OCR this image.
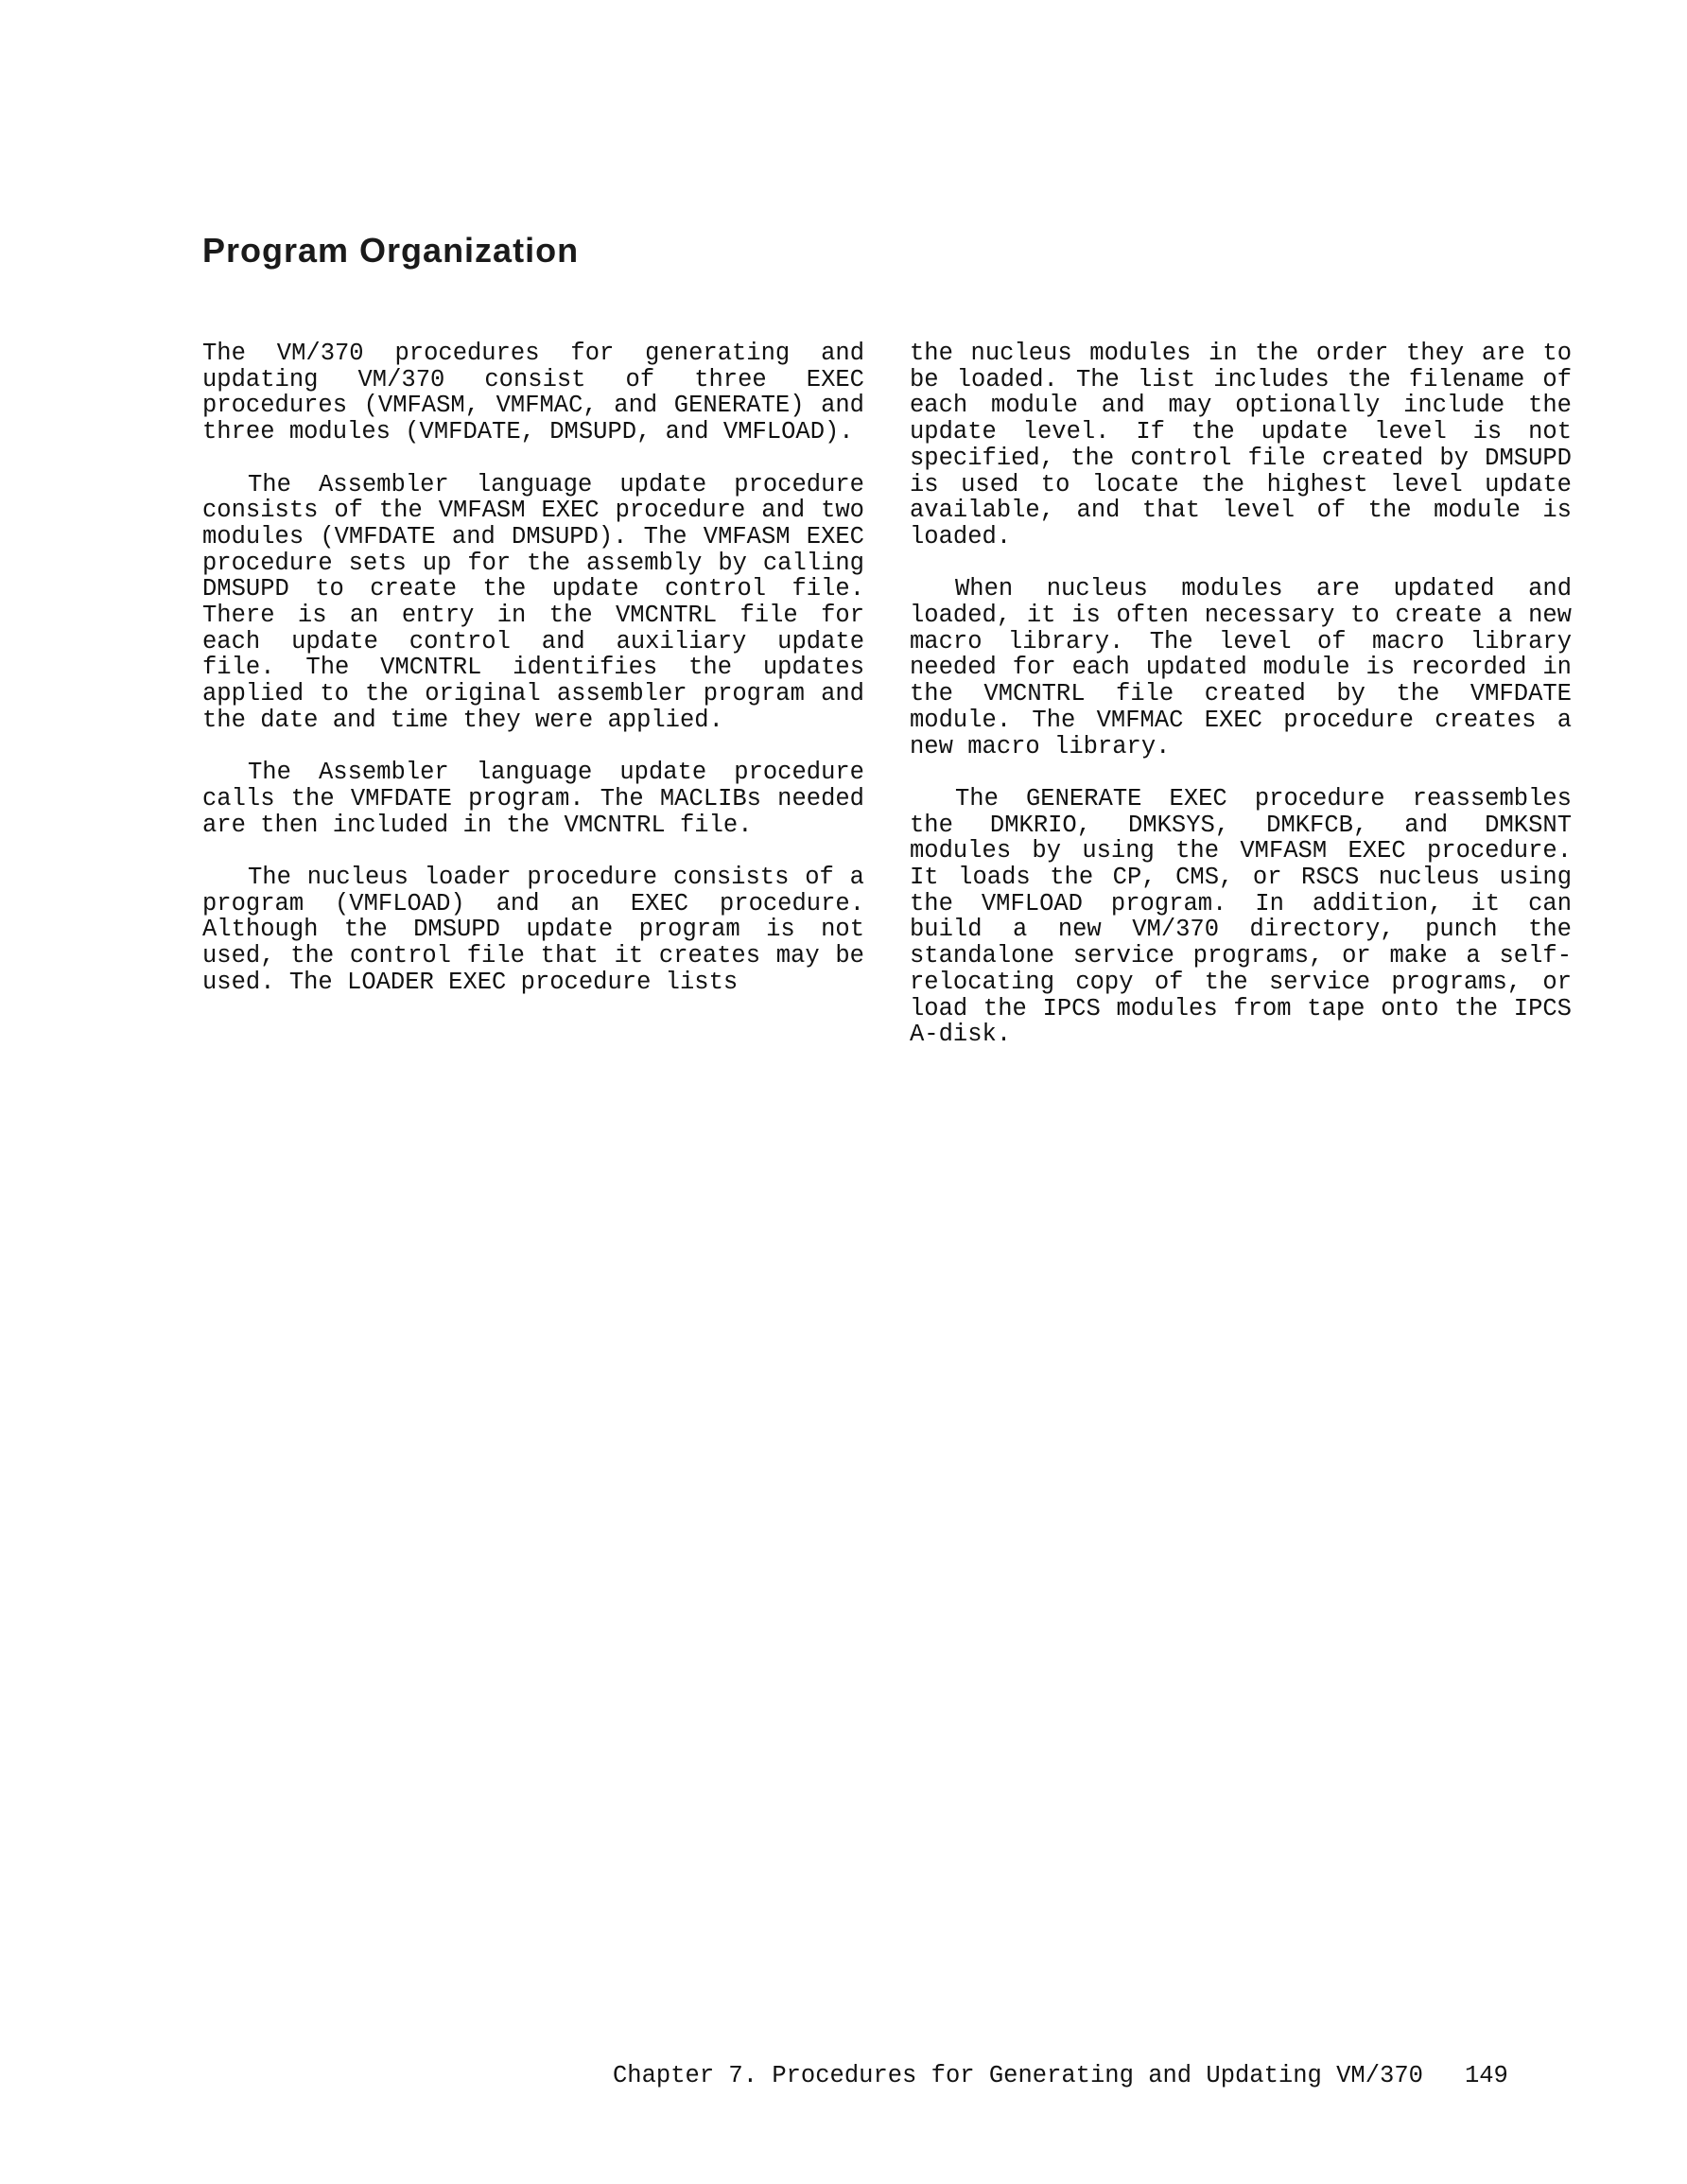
Program Organization

The VM/370 procedures for generating and updating VM/370 consist of three EXEC procedures (VMFASM, VMFMAC, and GENERATE) and three modules (VMFDATE, DMSUPD, and VMFLOAD).

The Assembler language update procedure consists of the VMFASM EXEC procedure and two modules (VMFDATE and DMSUPD). The VMFASM EXEC procedure sets up for the assembly by calling DMSUPD to create the update control file. There is an entry in the VMCNTRL file for each update control and auxiliary update file. The VMCNTRL identifies the updates applied to the original assembler program and the date and time they were applied.

The Assembler language update procedure calls the VMFDATE program. The MACLIBs needed are then included in the VMCNTRL file.

The nucleus loader procedure consists of a program (VMFLOAD) and an EXEC procedure. Although the DMSUPD update program is not used, the control file that it creates may be used. The LOADER EXEC procedure lists

the nucleus modules in the order they are to be loaded. The list includes the filename of each module and may optionally include the update level. If the update level is not specified, the control file created by DMSUPD is used to locate the highest level update available, and that level of the module is loaded.

When nucleus modules are updated and loaded, it is often necessary to create a new macro library. The level of macro library needed for each updated module is recorded in the VMCNTRL file created by the VMFDATE module. The VMFMAC EXEC procedure creates a new macro library.

The GENERATE EXEC procedure reassembles the DMKRIO, DMKSYS, DMKFCB, and DMKSNT modules by using the VMFASM EXEC procedure. It loads the CP, CMS, or RSCS nucleus using the VMFLOAD program. In addition, it can build a new VM/370 directory, punch the standalone service programs, or make a self-relocating copy of the service programs, or load the IPCS modules from tape onto the IPCS A-disk.

Chapter 7. Procedures for Generating and Updating VM/370 149
